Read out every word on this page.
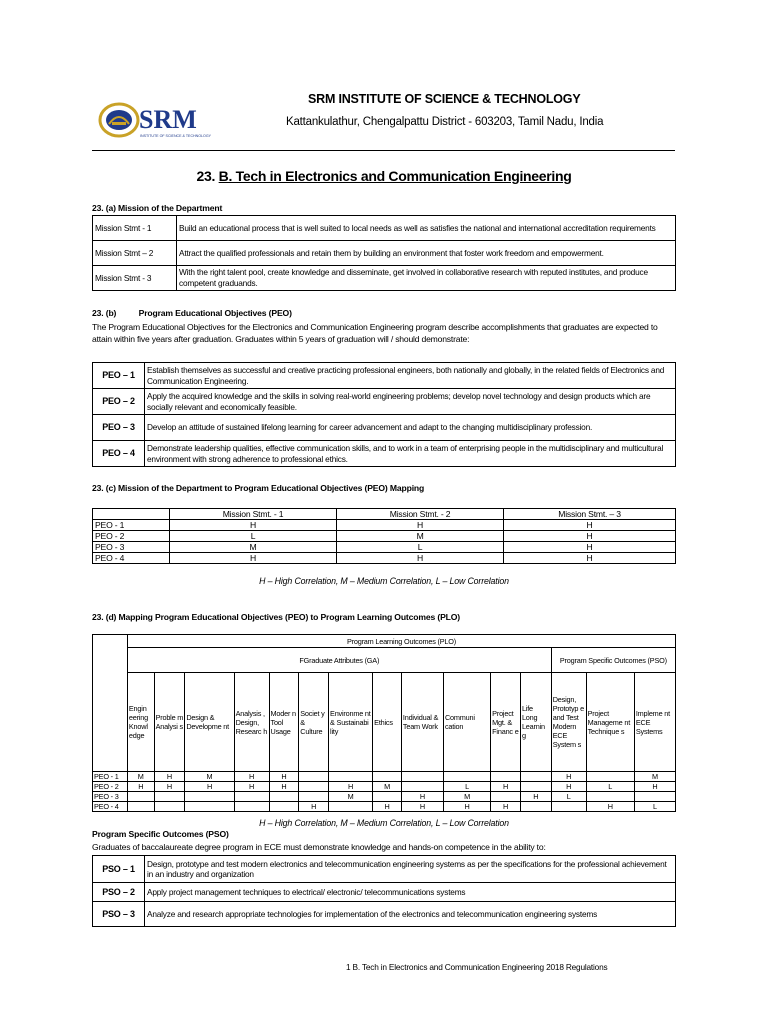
SRM
INSTITUTE OF SCIENCE & TECHNOLOGY
SRM INSTITUTE OF SCIENCE & TECHNOLOGY
Kattankulathur, Chengalpattu District - 603203, Tamil Nadu, India
23. B. Tech in Electronics and Communication Engineering
23. (a) Mission of the Department
Mission Stmt - 1	Build an educational process that is well suited to local needs as well as satisfies the national and international accreditation requirements
Mission Stmt – 2	Attract the qualified professionals and retain them by building an environment that foster work freedom and empowerment.
Mission Stmt - 3	With the right talent pool, create knowledge and disseminate, get involved in collaborative research with reputed institutes, and produce competent graduands.
23. (b)          Program Educational Objectives (PEO)
The Program Educational Objectives for the Electronics and Communication Engineering program describe accomplishments that graduates are expected to attain within five years after graduation. Graduates within 5 years of graduation will / should demonstrate:
PEO – 1	Establish themselves as successful and creative practicing professional engineers, both nationally and globally, in the related fields of Electronics and Communication Engineering.
PEO – 2	Apply the acquired knowledge and the skills in solving real-world engineering problems; develop novel technology and design products which are socially relevant and economically feasible.
PEO – 3	Develop an attitude of sustained lifelong learning for career advancement and adapt to the changing multidisciplinary profession.
PEO – 4	Demonstrate leadership qualities, effective communication skills, and to work in a team of enterprising people in the multidisciplinary and multicultural environment with strong adherence to professional ethics.
23. (c) Mission of the Department to Program Educational Objectives (PEO) Mapping
	Mission Stmt. - 1	Mission Stmt. - 2	Mission Stmt. – 3
PEO - 1	H	H	H
PEO - 2	L	M	H
PEO - 3	M	L	H
PEO - 4	H	H	H
H – High Correlation, M – Medium Correlation, L – Low Correlation
23. (d) Mapping Program Educational Objectives (PEO) to Program Learning Outcomes (PLO)
	Program Learning Outcomes (PLO)														
	FGraduate Attributes (GA)												Program Specific Outcomes (PSO)		
	Engin eering Knowl edge	Proble m Analysi s	Design & Developme nt	Analysis , Design, Researc h	Moder n Tool Usage	Societ y & Culture	Environme nt & Sustainabi lity	Ethics	Individual & Team Work	Communi cation	Project Mgt. & Financ e	Life Long Learnin g	Design, Prototyp e and Test Modern ECE System s	Project Manageme nt Technique s	Impleme nt ECE Systems
PEO - 1	M	H	M	H	H								H		M
PEO - 2	H	H	H	H	H		H	M		L	H		H	L	H
PEO - 3							M		H	M		H	L		
PEO - 4						H		H	H	H	H			H	L
H – High Correlation, M – Medium Correlation, L – Low Correlation
Program Specific Outcomes (PSO)
Graduates of baccalaureate degree program in ECE must demonstrate knowledge and hands-on competence in the ability to:
PSO – 1	Design, prototype and test modern electronics and telecommunication engineering systems as per the specifications for the professional achievement in an industry and organization
PSO – 2	Apply project management techniques to electrical/ electronic/ telecommunications systems
PSO – 3	Analyze and research appropriate technologies for implementation of the electronics and telecommunication engineering systems
1 B. Tech in Electronics and Communication Engineering 2018 Regulations
